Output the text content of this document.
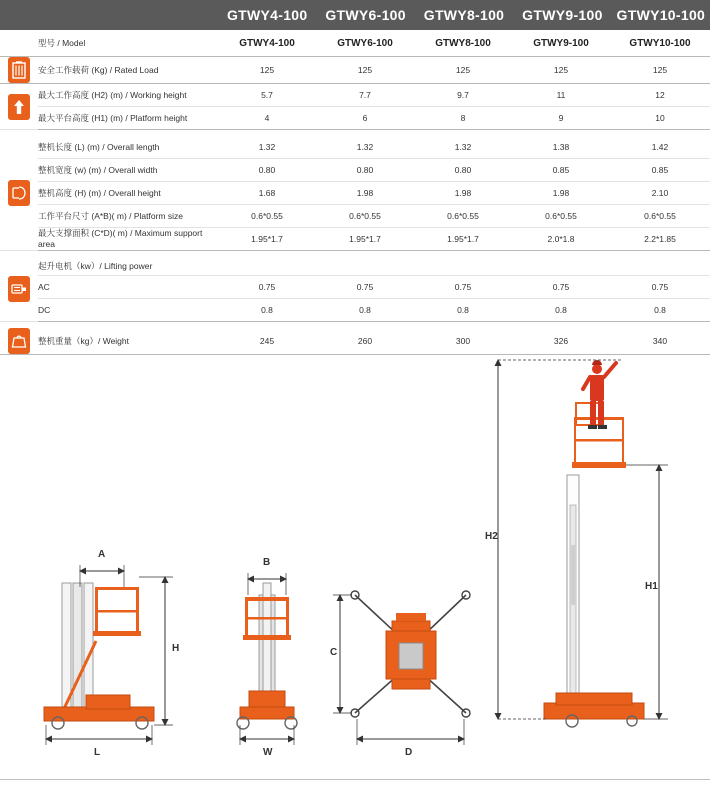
GTWY4-100	GTWY6-100	GTWY8-100	GTWY9-100 GTWY10-100
	型号 / Model	GTWY4-100	GTWY6-100	GTWY8-100	GTWY9-100	GTWY10-100

	安全工作载荷 (Kg) / Rated Load	125	125	125	125	125

	最大工作高度 (H2) (m) / Working height	5.7	7.7	9.7	11	12
	最大平台高度 (H1) (m) / Platform height	4	6	8	9	10

	整机长度 (L) (m) / Overall length	1.32	1.32	1.32	1.38	1.42
	整机宽度 (w) (m) / Overall width	0.80	0.80	0.80	0.85	0.85
	整机高度 (H) (m) / Overall height	1.68	1.98	1.98	1.98	2.10
	工作平台尺寸 (A*B)( m) / Platform size	0.6*0.55	0.6*0.55	0.6*0.55	0.6*0.55	0.6*0.55
	最大支撑面积 (C*D)( m) / Maximum support area	1.95*1.7	1.95*1.7	1.95*1.7	2.0*1.8	2.2*1.85

	起升电机（kw）/ Lifting power					
	AC	0.75	0.75	0.75	0.75	0.75
	DC	0.8	0.8	0.8	0.8	0.8

	整机重量（kg）/ Weight	245	260	300	326	340
A
H
L
B
W
C
D
H2
H1
